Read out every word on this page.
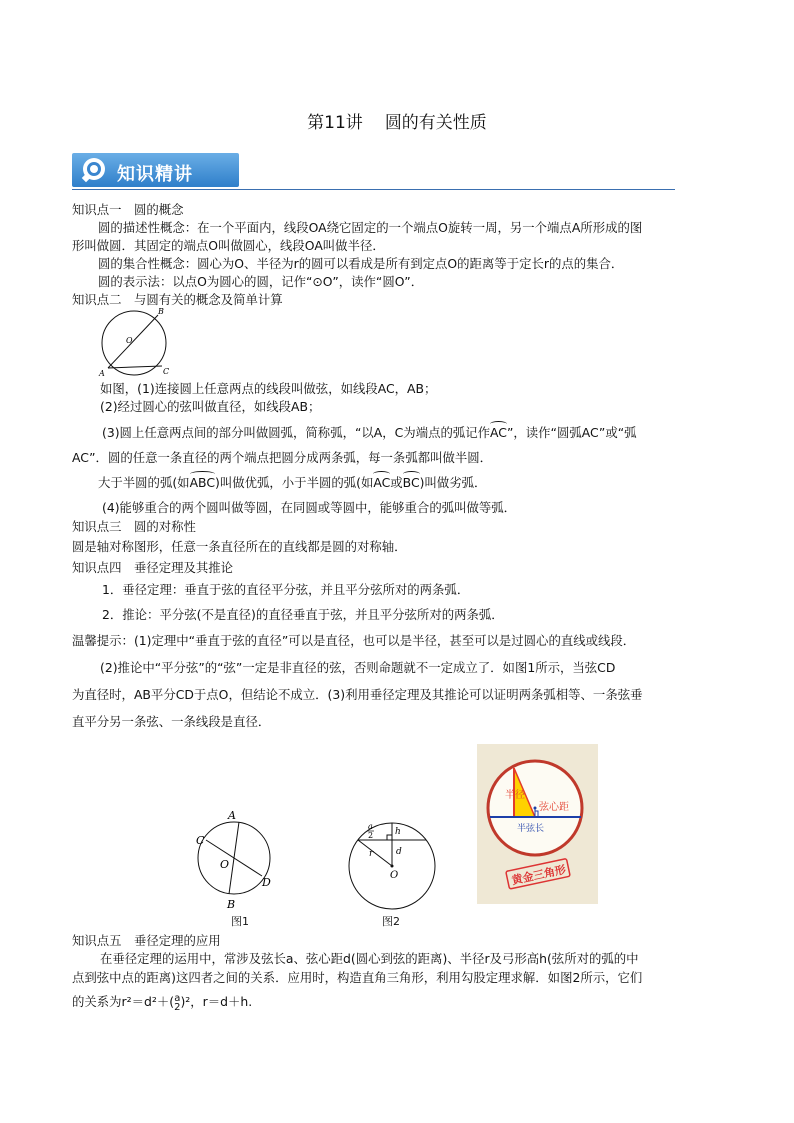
第11讲 圆的有关性质
知识精讲
知识点一　圆的概念
圆的描述性概念：在一个平面内，线段OA绕它固定的一个端点O旋转一周，另一个端点A所形成的图
形叫做圆．其固定的端点O叫做圆心，线段OA叫做半径．
圆的集合性概念：圆心为O、半径为r的圆可以看成是所有到定点O的距离等于定长r的点的集合．
圆的表示法：以点O为圆心的圆，记作“⊙O”，读作“圆O”．
知识点二　与圆有关的概念及简单计算
B
O
A	C
如图，(1)连接圆上任意两点的线段叫做弦，如线段AC，AB；
(2)经过圆心的弦叫做直径，如线段AB；
(3)圆上任意两点间的部分叫做圆弧，简称弧，“以A，C为端点的弧记作AC”，读作“圆弧AC”或“弧
AC”．圆的任意一条直径的两个端点把圆分成两条弧，每一条弧都叫做半圆．
大于半圆的弧(如ABC)叫做优弧，小于半圆的弧(如AC或BC)叫做劣弧．
(4)能够重合的两个圆叫做等圆，在同圆或等圆中，能够重合的弧叫做等弧．
知识点三　圆的对称性
圆是轴对称图形，任意一条直径所在的直线都是圆的对称轴．
知识点四　垂径定理及其推论
1．垂径定理：垂直于弦的直径平分弦，并且平分弦所对的两条弧．
2．推论：平分弦(不是直径)的直径垂直于弦，并且平分弦所对的两条弧．
温馨提示：(1)定理中“垂直于弦的直径”可以是直径，也可以是半径，甚至可以是过圆心的直线或线段．
(2)推论中“平分弦”的“弦”一定是非直径的弦，否则命题就不一定成立了．如图1所示，当弦CD
为直径时，AB平分CD于点O，但结论不成立．(3)利用垂径定理及其推论可以证明两条弧相等、一条弦垂
直平分另一条弦、一条线段是直径．
A
C
O
D
B
图1
a
2 h
d
r
O
图2
半径
弦心距
半弦长
黄金三角形
知识点五　垂径定理的应用
在垂径定理的运用中，常涉及弦长a、弦心距d(圆心到弦的距离)、半径r及弓形高h(弦所对的弧的中
点到弦中点的距离)这四者之间的关系．应用时，构造直角三角形，利用勾股定理求解．如图2所示，它们
的关系为r²＝d²＋( a
2 )²，r＝d＋h.
